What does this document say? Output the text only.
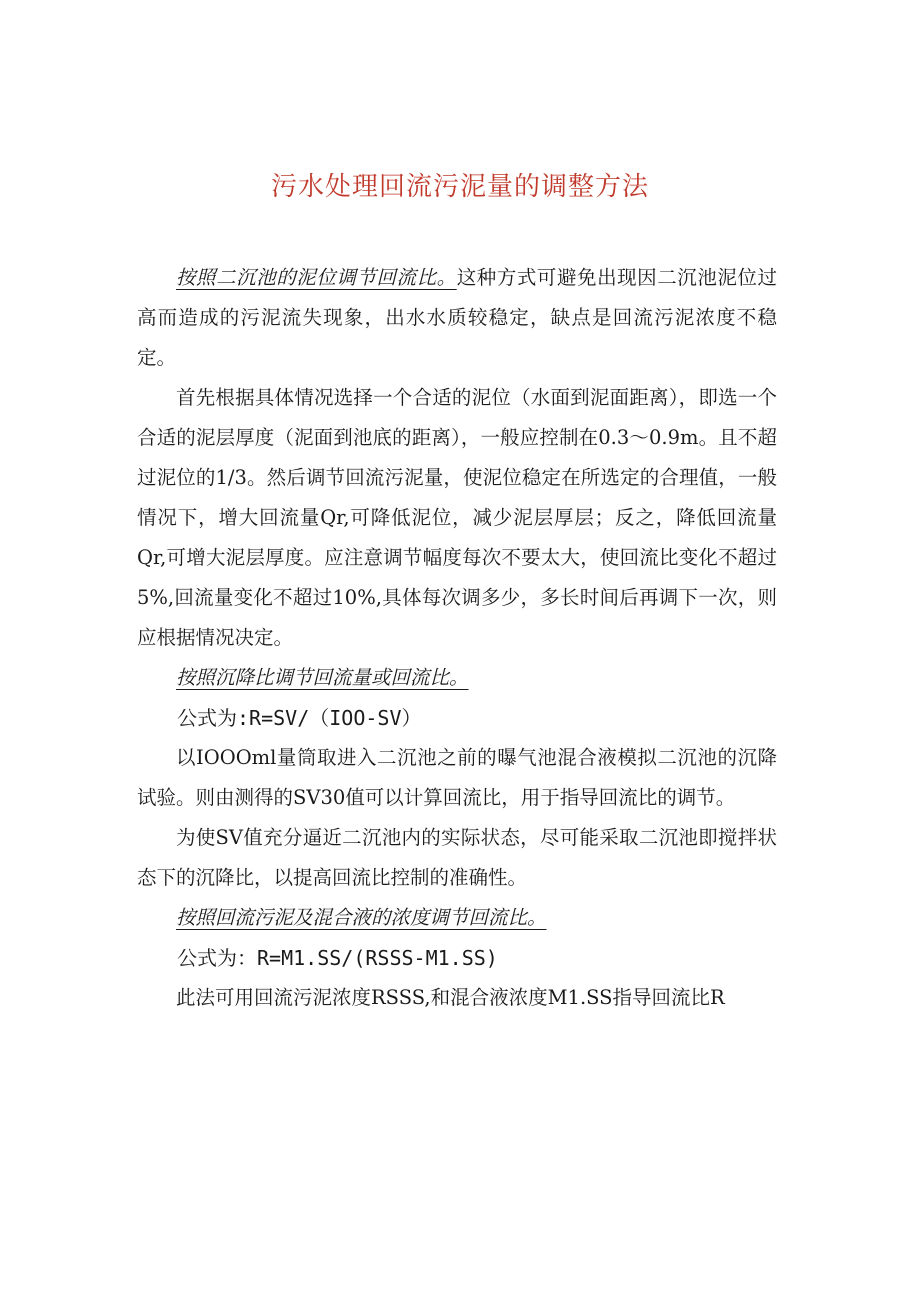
污水处理回流污泥量的调整方法

按照二沉池的泥位调节回流比。这种方式可避免出现因二沉池泥位过高而造成的污泥流失现象，出水水质较稳定，缺点是回流污泥浓度不稳定。

首先根据具体情况选择一个合适的泥位（水面到泥面距离），即选一个合适的泥层厚度（泥面到池底的距离），一般应控制在0.3～0.9m。且不超过泥位的1/3。然后调节回流污泥量，使泥位稳定在所选定的合理值，一般情况下，增大回流量Qr,可降低泥位，减少泥层厚层；反之，降低回流量Qr,可增大泥层厚度。应注意调节幅度每次不要太大，使回流比变化不超过5%,回流量变化不超过10%,具体每次调多少，多长时间后再调下一次，则应根据情况决定。

按照沉降比调节回流量或回流比。
公式为:R=SV/（IOO-SV）

以IOOOml量筒取进入二沉池之前的曝气池混合液模拟二沉池的沉降试验。则由测得的SV30值可以计算回流比，用于指导回流比的调节。

为使SV值充分逼近二沉池内的实际状态，尽可能采取二沉池即搅拌状态下的沉降比，以提高回流比控制的准确性。

按照回流污泥及混合液的浓度调节回流比。
公式为：R=M1.SS/(RSSS-M1.SS)

此法可用回流污泥浓度RSSS,和混合液浓度M1.SS指导回流比R
